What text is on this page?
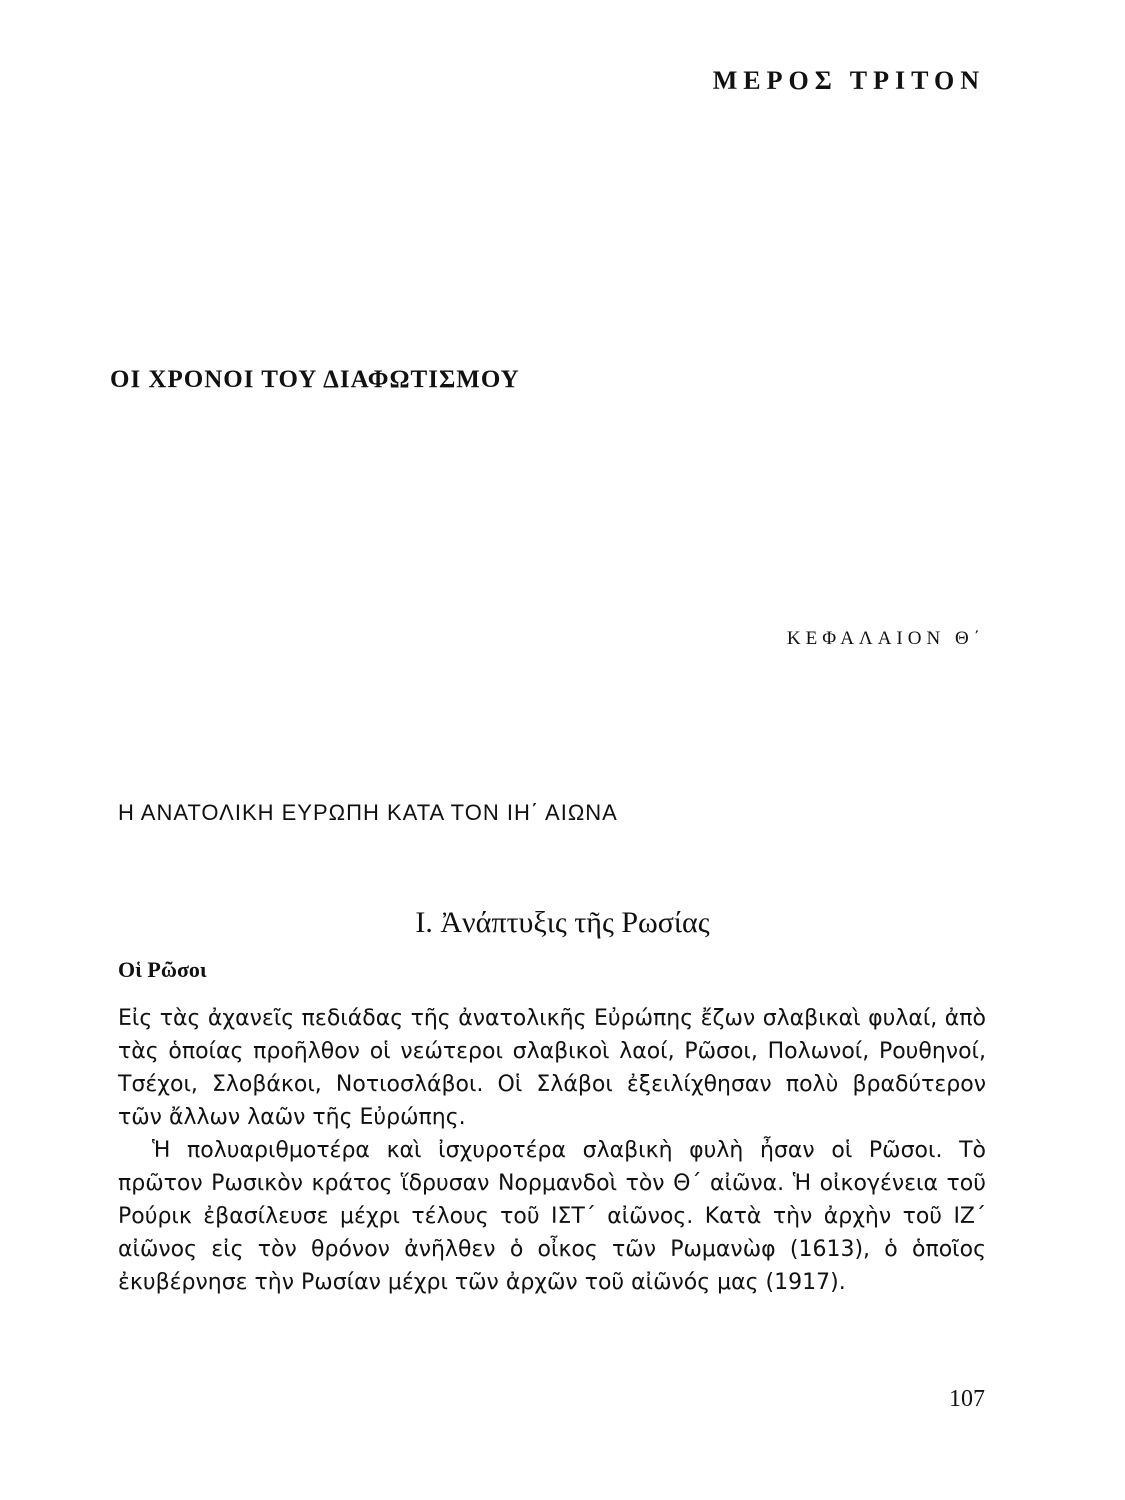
ΜΕΡΟΣ ΤΡΙΤΟΝ
ΟΙ ΧΡΟΝΟΙ ΤΟΥ ΔΙΑΦΩΤΙΣΜΟΥ
ΚΕΦΑΛΑΙΟΝ Θ΄
Η ΑΝΑΤΟΛΙΚΗ ΕΥΡΩΠΗ ΚΑΤΑ ΤΟΝ ΙΗ΄ ΑΙΩΝΑ
Ι. Ἀνάπτυξις τῆς Ρωσίας
Οἱ Ρῶσοι

Εἰς τὰς ἀχανεῖς πεδιάδας τῆς ἀνατολικῆς Εὐρώπης ἔζων σλαβικαὶ φυλαί, ἀπὸ τὰς ὁποίας προῆλθον οἱ νεώτεροι σλαβικοὶ λαοί, Ρῶσοι, Πολωνοί, Ρουθηνοί, Τσέχοι, Σλοβάκοι, Νοτιοσλάβοι. Οἱ Σλάβοι ἐξειλίχθησαν πολὺ βραδύτερον τῶν ἄλλων λαῶν τῆς Εὐρώπης.

Ἡ πολυαριθμοτέρα καὶ ἰσχυροτέρα σλαβικὴ φυλὴ ἦσαν οἱ Ρῶσοι. Τὸ πρῶτον Ρωσικὸν κράτος ἵδρυσαν Νορμανδοὶ τὸν Θ΄ αἰῶνα. Ἡ οἰκογένεια τοῦ Ρούρικ ἐβασίλευσε μέχρι τέλους τοῦ ΙΣΤ΄ αἰῶνος. Κατὰ τὴν ἀρχὴν τοῦ ΙΖ΄ αἰῶνος εἰς τὸν θρόνον ἀνῆλθεν ὁ οἶκος τῶν Ρωμανὼφ (1613), ὁ ὁποῖος ἐκυβέρνησε τὴν Ρωσίαν μέχρι τῶν ἀρχῶν τοῦ αἰῶνός μας (1917).

107
